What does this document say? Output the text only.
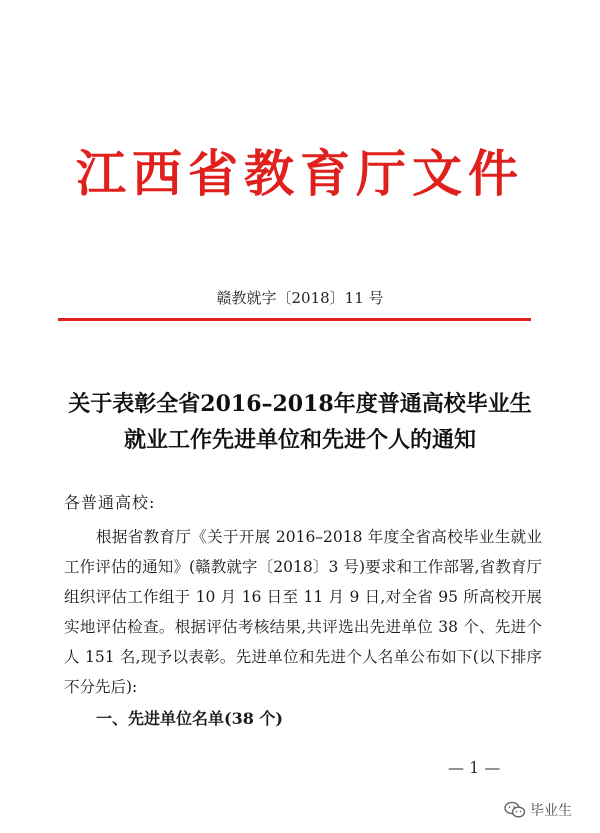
江西省教育厅文件
赣教就字〔2018〕11 号
关于表彰全省2016–2018年度普通高校毕业生
就业工作先进单位和先进个人的通知
各普通高校:
根据省教育厅《关于开展 2016–2018 年度全省高校毕业生就业工作评估的通知》(赣教就字〔2018〕3 号)要求和工作部署,省教育厅组织评估工作组于 10 月 16 日至 11 月 9 日,对全省 95 所高校开展实地评估检查。根据评估考核结果,共评选出先进单位 38 个、先进个人 151 名,现予以表彰。先进单位和先进个人名单公布如下(以下排序不分先后):
一、先进单位名单(38 个)
— 1 —
毕业生
